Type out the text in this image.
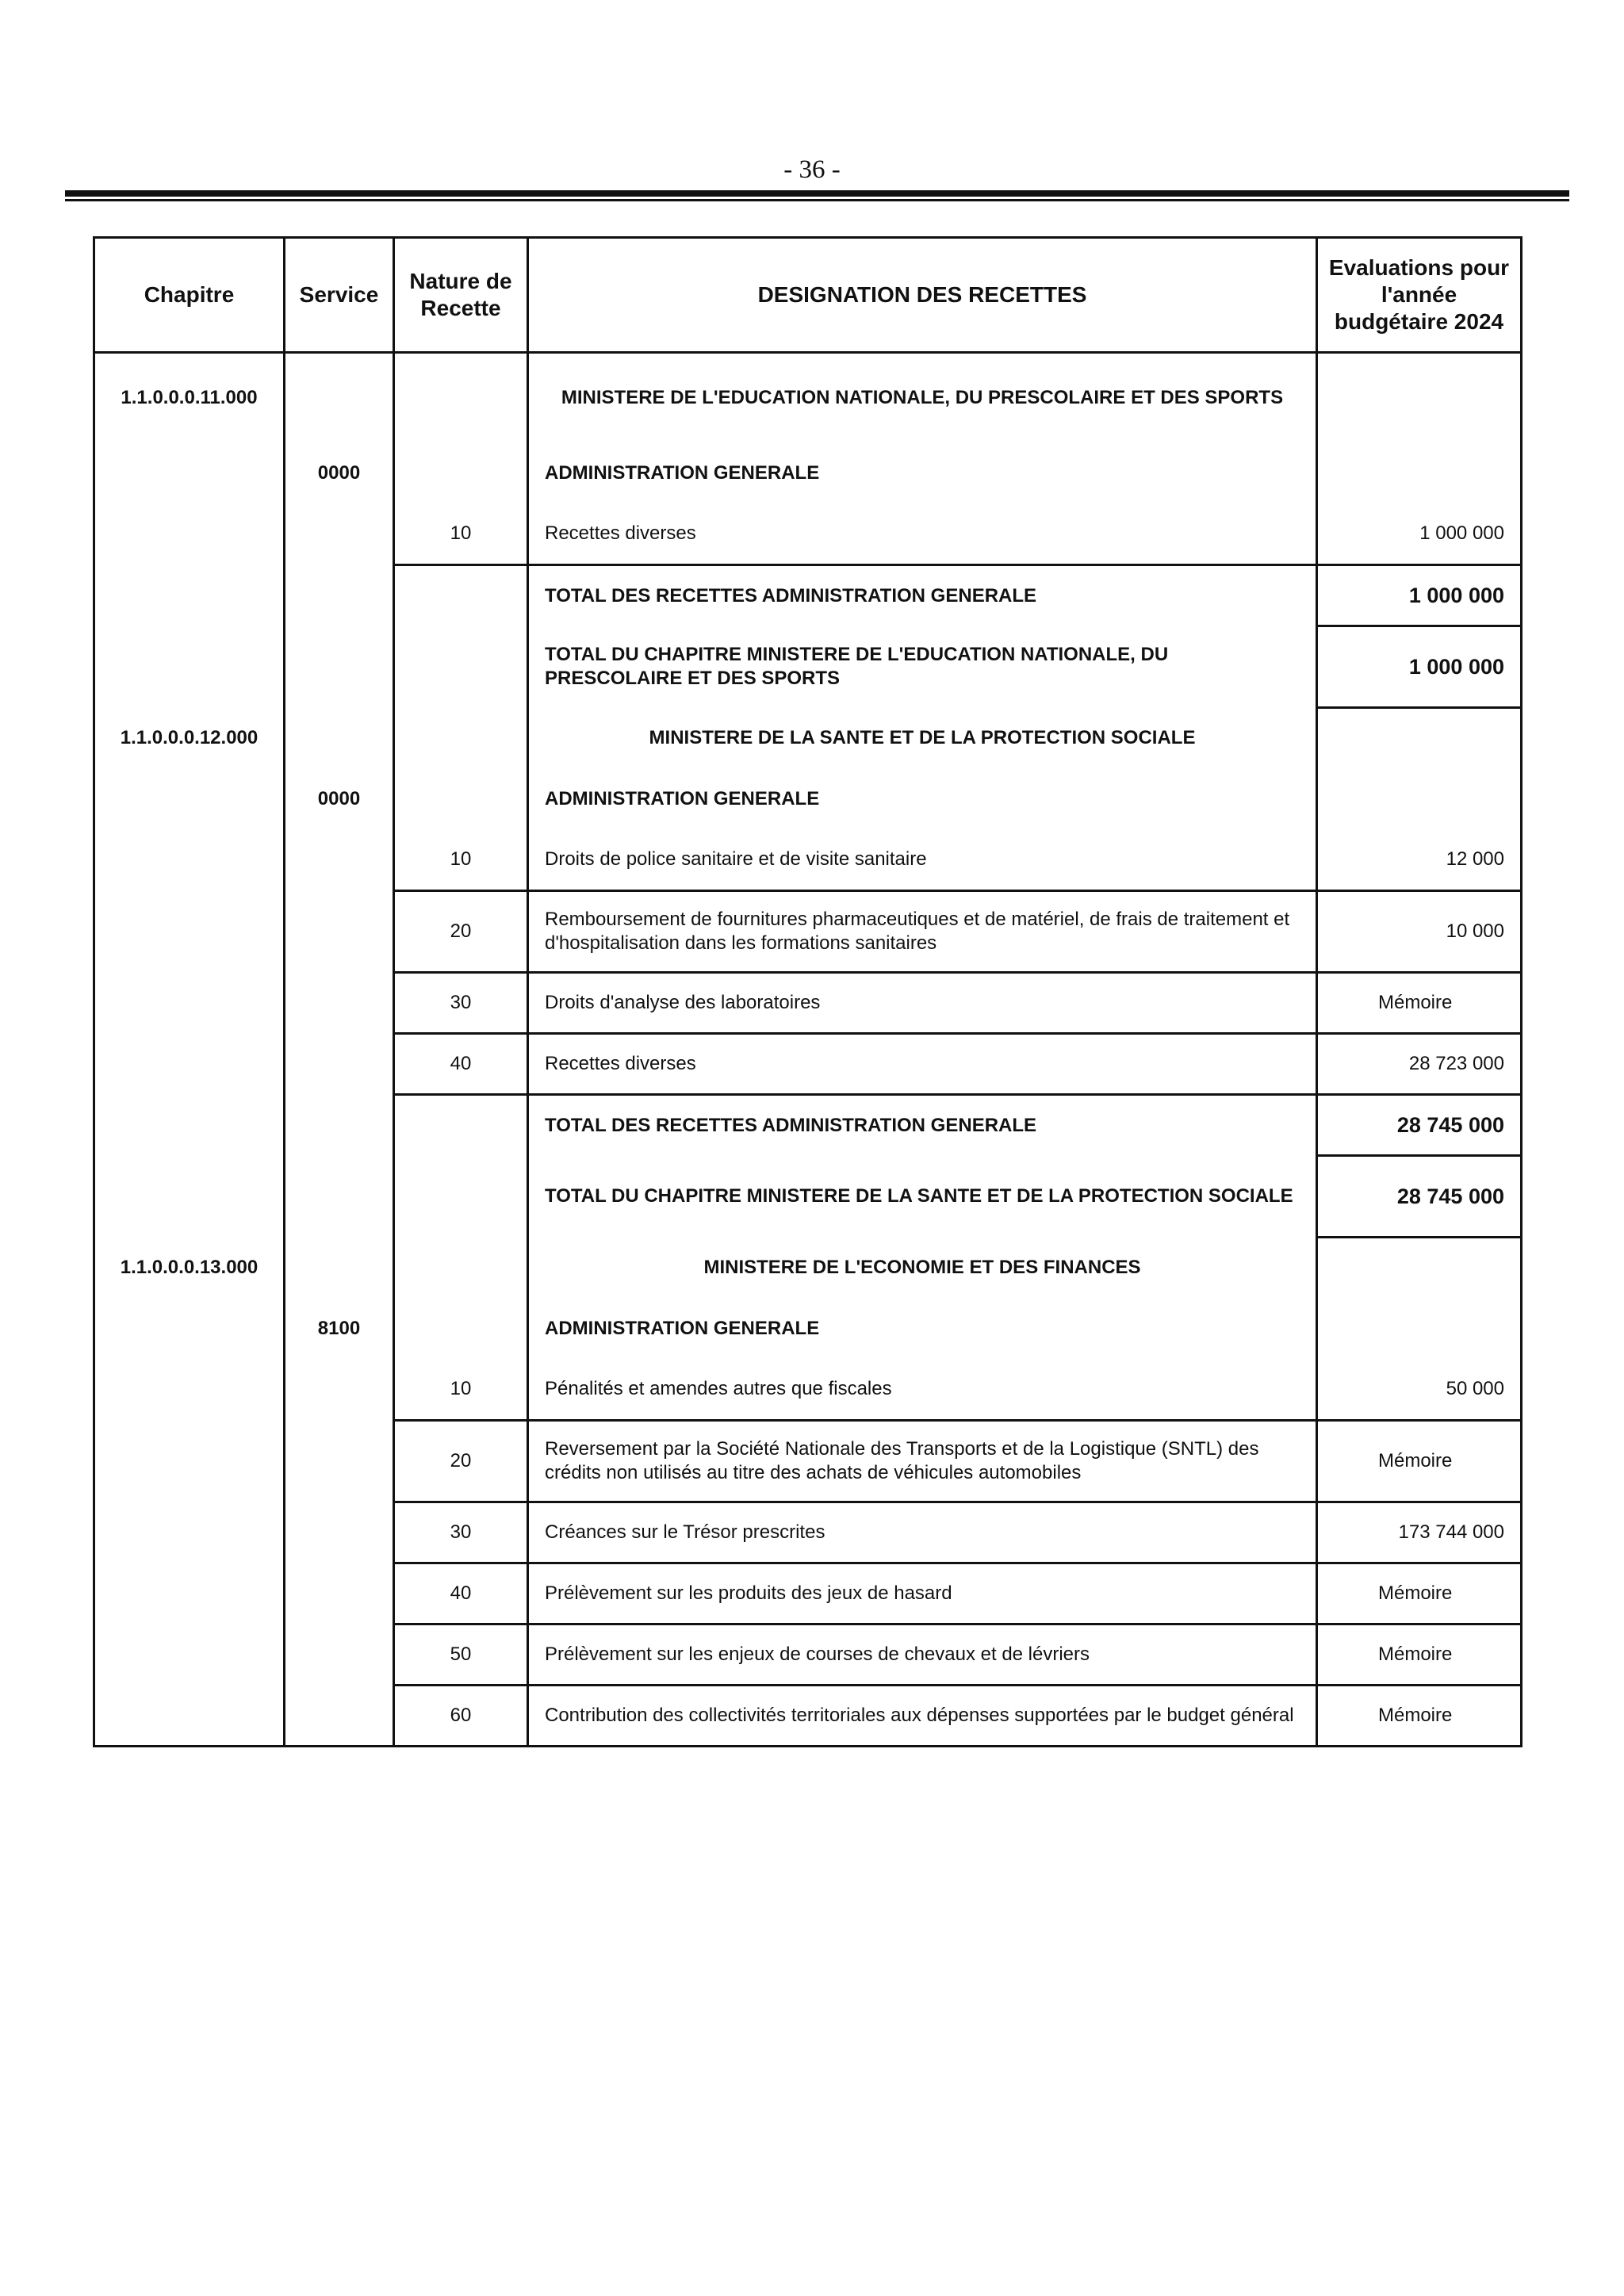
- 36 -
Chapitre	Service	Nature de Recette	DESIGNATION DES RECETTES	Evaluations pour l'année budgétaire 2024
1.1.0.0.0.11.000			MINISTERE DE L'EDUCATION NATIONALE, DU PRESCOLAIRE ET DES SPORTS	
	0000		ADMINISTRATION GENERALE	
		10	Recettes diverses	1 000 000
			TOTAL DES RECETTES ADMINISTRATION GENERALE	1 000 000
			TOTAL DU CHAPITRE MINISTERE DE L'EDUCATION NATIONALE, DU PRESCOLAIRE ET DES SPORTS	1 000 000
1.1.0.0.0.12.000			MINISTERE DE LA SANTE ET DE LA PROTECTION SOCIALE	
	0000		ADMINISTRATION GENERALE	
		10	Droits de police sanitaire et de visite sanitaire	12 000
		20	Remboursement de fournitures pharmaceutiques et de matériel, de frais de traitement et d'hospitalisation dans les formations sanitaires	10 000
		30	Droits d'analyse des laboratoires	Mémoire
		40	Recettes diverses	28 723 000
			TOTAL DES RECETTES ADMINISTRATION GENERALE	28 745 000
			TOTAL DU CHAPITRE MINISTERE DE LA SANTE ET DE LA PROTECTION SOCIALE	28 745 000
1.1.0.0.0.13.000			MINISTERE DE L'ECONOMIE ET DES FINANCES	
	8100		ADMINISTRATION GENERALE	
		10	Pénalités et amendes autres que fiscales	50 000
		20	Reversement par la Société Nationale des Transports et de la Logistique (SNTL) des crédits non utilisés au titre des achats de véhicules automobiles	Mémoire
		30	Créances sur le Trésor prescrites	173 744 000
		40	Prélèvement sur les produits des jeux de hasard	Mémoire
		50	Prélèvement sur les enjeux de courses de chevaux et de lévriers	Mémoire
		60	Contribution des collectivités territoriales aux dépenses supportées par le budget général	Mémoire
